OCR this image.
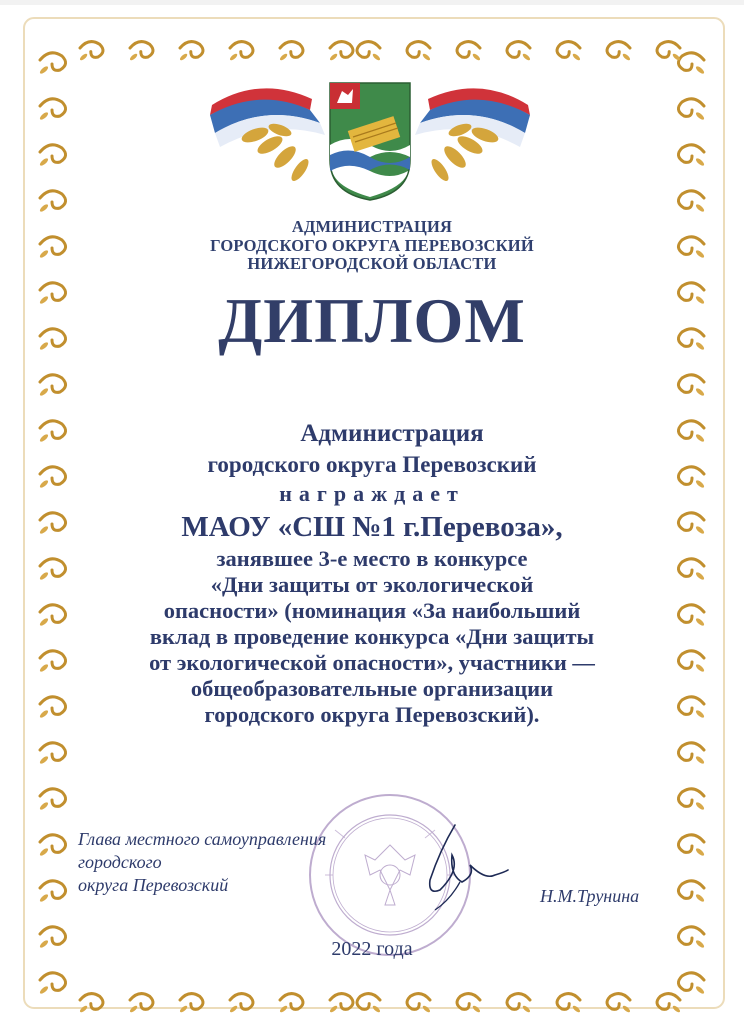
АДМИНИСТРАЦИЯ
ГОРОДСКОГО ОКРУГА ПЕРЕВОЗСКИЙ
НИЖЕГОРОДСКОЙ ОБЛАСТИ
ДИПЛОМ
Администрация
городского округа Перевозский
награждает
МАОУ «СШ №1 г.Перевоза»,
занявшее 3-е место в конкурсе
«Дни защиты от экологической
опасности» (номинация «За наибольший
вклад в проведение конкурса «Дни защиты
от экологической опасности», участники —
общеобразовательные организации
городского округа Перевозский).
Глава местного самоуправления
городского
округа Перевозский
Н.М.Трунина
2022 года
